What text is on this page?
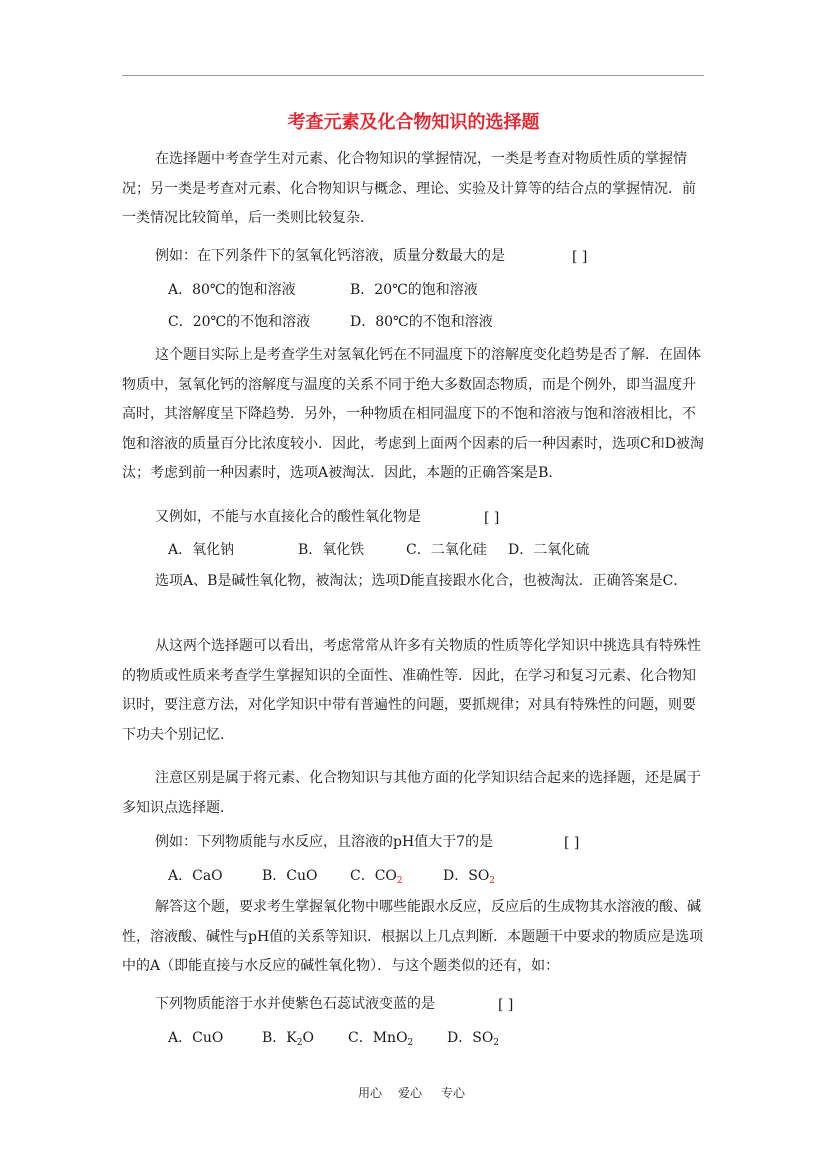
考查元素及化合物知识的选择题
在选择题中考查学生对元素、化合物知识的掌握情况，一类是考查对物质性质的掌握情况；另一类是考查对元素、化合物知识与概念、理论、实验及计算等的结合点的掌握情况．前一类情况比较简单，后一类则比较复杂．
例如：在下列条件下的氢氧化钙溶液，质量分数最大的是	[ ]
A．80℃的饱和溶液	B．20℃的饱和溶液
C．20℃的不饱和溶液	D．80℃的不饱和溶液
这个题目实际上是考查学生对氢氧化钙在不同温度下的溶解度变化趋势是否了解．在固体物质中，氢氧化钙的溶解度与温度的关系不同于绝大多数固态物质，而是个例外，即当温度升高时，其溶解度呈下降趋势．另外，一种物质在相同温度下的不饱和溶液与饱和溶液相比，不饱和溶液的质量百分比浓度较小．因此，考虑到上面两个因素的后一种因素时，选项C和D被淘汰；考虑到前一种因素时，选项A被淘汰．因此，本题的正确答案是B．
又例如，不能与水直接化合的酸性氧化物是	[ ]
A．氧化钠	B．氧化铁	C．二氧化硅 D．二氧化硫
选项A、B是碱性氧化物，被淘汰；选项D能直接跟水化合，也被淘汰．正确答案是C．
从这两个选择题可以看出，考虑常常从许多有关物质的性质等化学知识中挑选具有特殊性的物质或性质来考查学生掌握知识的全面性、准确性等．因此，在学习和复习元素、化合物知识时，要注意方法，对化学知识中带有普遍性的问题，要抓规律；对具有特殊性的问题，则要下功夫个别记忆．
注意区别是属于将元素、化合物知识与其他方面的化学知识结合起来的选择题，还是属于多知识点选择题．
例如：下列物质能与水反应，且溶液的pH值大于7的是	[ ]
A．CaO	B．CuO C．$CO_2$	D．$SO_2$
解答这个题，要求考生掌握氧化物中哪些能跟水反应，反应后的生成物其水溶液的酸、碱性，溶液酸、碱性与pH值的关系等知识．根据以上几点判断．本题题干中要求的物质应是选项中的A（即能直接与水反应的碱性氧化物）．与这个题类似的还有，如：
下列物质能溶于水并使紫色石蕊试液变蓝的是	[ ]
A．CuO	B．$K_2O$ C．MnO$_2$ D．$SO_2$
用心 爱心 专心
